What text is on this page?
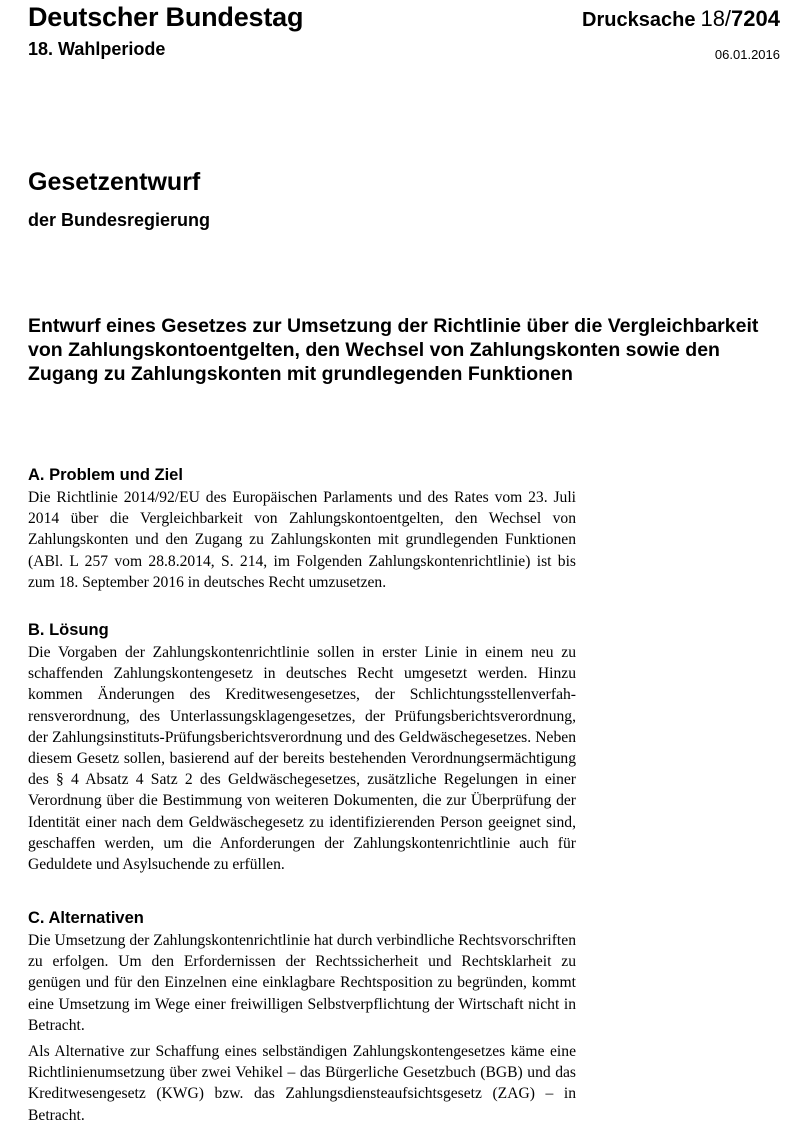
Deutscher Bundestag
18. Wahlperiode
Drucksache 18/7204
06.01.2016
Gesetzentwurf
der Bundesregierung
Entwurf eines Gesetzes zur Umsetzung der Richtlinie über die Vergleichbarkeit
von Zahlungskontoentgelten, den Wechsel von Zahlungskonten sowie den
Zugang zu Zahlungskonten mit grundlegenden Funktionen
A. Problem und Ziel
Die Richtlinie 2014/92/EU des Europäischen Parlaments und des Rates vom 23. Juli 2014 über die Vergleichbarkeit von Zahlungskontoentgelten, den Wechsel von Zahlungskonten und den Zugang zu Zahlungskonten mit grundlegenden Funktionen (ABl. L 257 vom 28.8.2014, S. 214, im Folgenden Zahlungskontenrichtlinie) ist bis zum 18. September 2016 in deutsches Recht umzusetzen.
B. Lösung
Die Vorgaben der Zahlungskontenrichtlinie sollen in erster Linie in einem neu zu schaffenden Zahlungskontengesetz in deutsches Recht umgesetzt werden. Hinzu kommen Änderungen des Kreditwesengesetzes, der Schlichtungsstellenverfahrensverordnung, des Unterlassungsklagengesetzes, der Prüfungsberichtsverordnung, der Zahlungsinstituts-Prüfungsberichtsverordnung und des Geldwäschegesetzes. Neben diesem Gesetz sollen, basierend auf der bereits bestehenden Verordnungsermächtigung des § 4 Absatz 4 Satz 2 des Geldwäschegesetzes, zusätzliche Regelungen in einer Verordnung über die Bestimmung von weiteren Dokumenten, die zur Überprüfung der Identität einer nach dem Geldwäschegesetz zu identifizierenden Person geeignet sind, geschaffen werden, um die Anforderungen der Zahlungskontenrichtlinie auch für Geduldete und Asylsuchende zu erfüllen.
C. Alternativen
Die Umsetzung der Zahlungskontenrichtlinie hat durch verbindliche Rechtsvorschriften zu erfolgen. Um den Erfordernissen der Rechtssicherheit und Rechtsklarheit zu genügen und für den Einzelnen eine einklagbare Rechtsposition zu begründen, kommt eine Umsetzung im Wege einer freiwilligen Selbstverpflichtung der Wirtschaft nicht in Betracht.
Als Alternative zur Schaffung eines selbständigen Zahlungskontengesetzes käme eine Richtlinienumsetzung über zwei Vehikel – das Bürgerliche Gesetzbuch (BGB) und das Kreditwesengesetz (KWG) bzw. das Zahlungsdiensteaufsichtsgesetz (ZAG) – in Betracht.
